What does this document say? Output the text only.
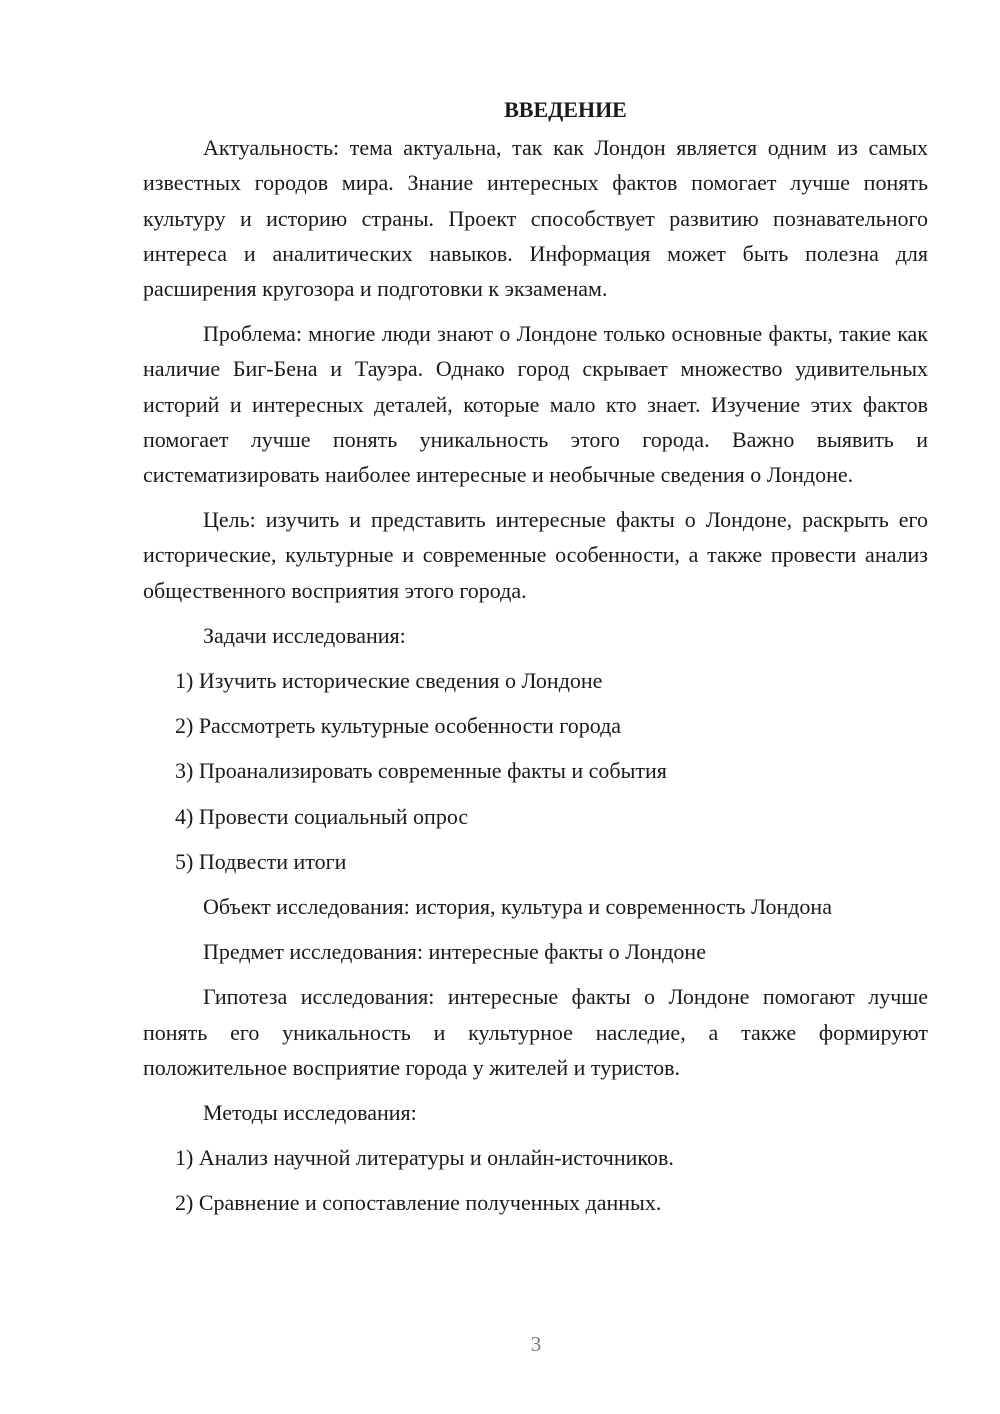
ВВЕДЕНИЕ

Актуальность: тема актуальна, так как Лондон является одним из самых известных городов мира. Знание интересных фактов помогает лучше понять культуру и историю страны. Проект способствует развитию познавательного интереса и аналитических навыков. Информация может быть полезна для расширения кругозора и подготовки к экзаменам.

Проблема: многие люди знают о Лондоне только основные факты, такие как наличие Биг-Бена и Тауэра. Однако город скрывает множество удивительных историй и интересных деталей, которые мало кто знает. Изучение этих фактов помогает лучше понять уникальность этого города. Важно выявить и систематизировать наиболее интересные и необычные сведения о Лондоне.

Цель: изучить и представить интересные факты о Лондоне, раскрыть его исторические, культурные и современные особенности, а также провести анализ общественного восприятия этого города.

Задачи исследования:

1) Изучить исторические сведения о Лондоне

2) Рассмотреть культурные особенности города

3) Проанализировать современные факты и события

4) Провести социальный опрос

5) Подвести итоги

Объект исследования: история, культура и современность Лондона

Предмет исследования: интересные факты о Лондоне

Гипотеза исследования: интересные факты о Лондоне помогают лучше понять его уникальность и культурное наследие, а также формируют положительное восприятие города у жителей и туристов.

Методы исследования:

1) Анализ научной литературы и онлайн-источников.

2) Сравнение и сопоставление полученных данных.

3
